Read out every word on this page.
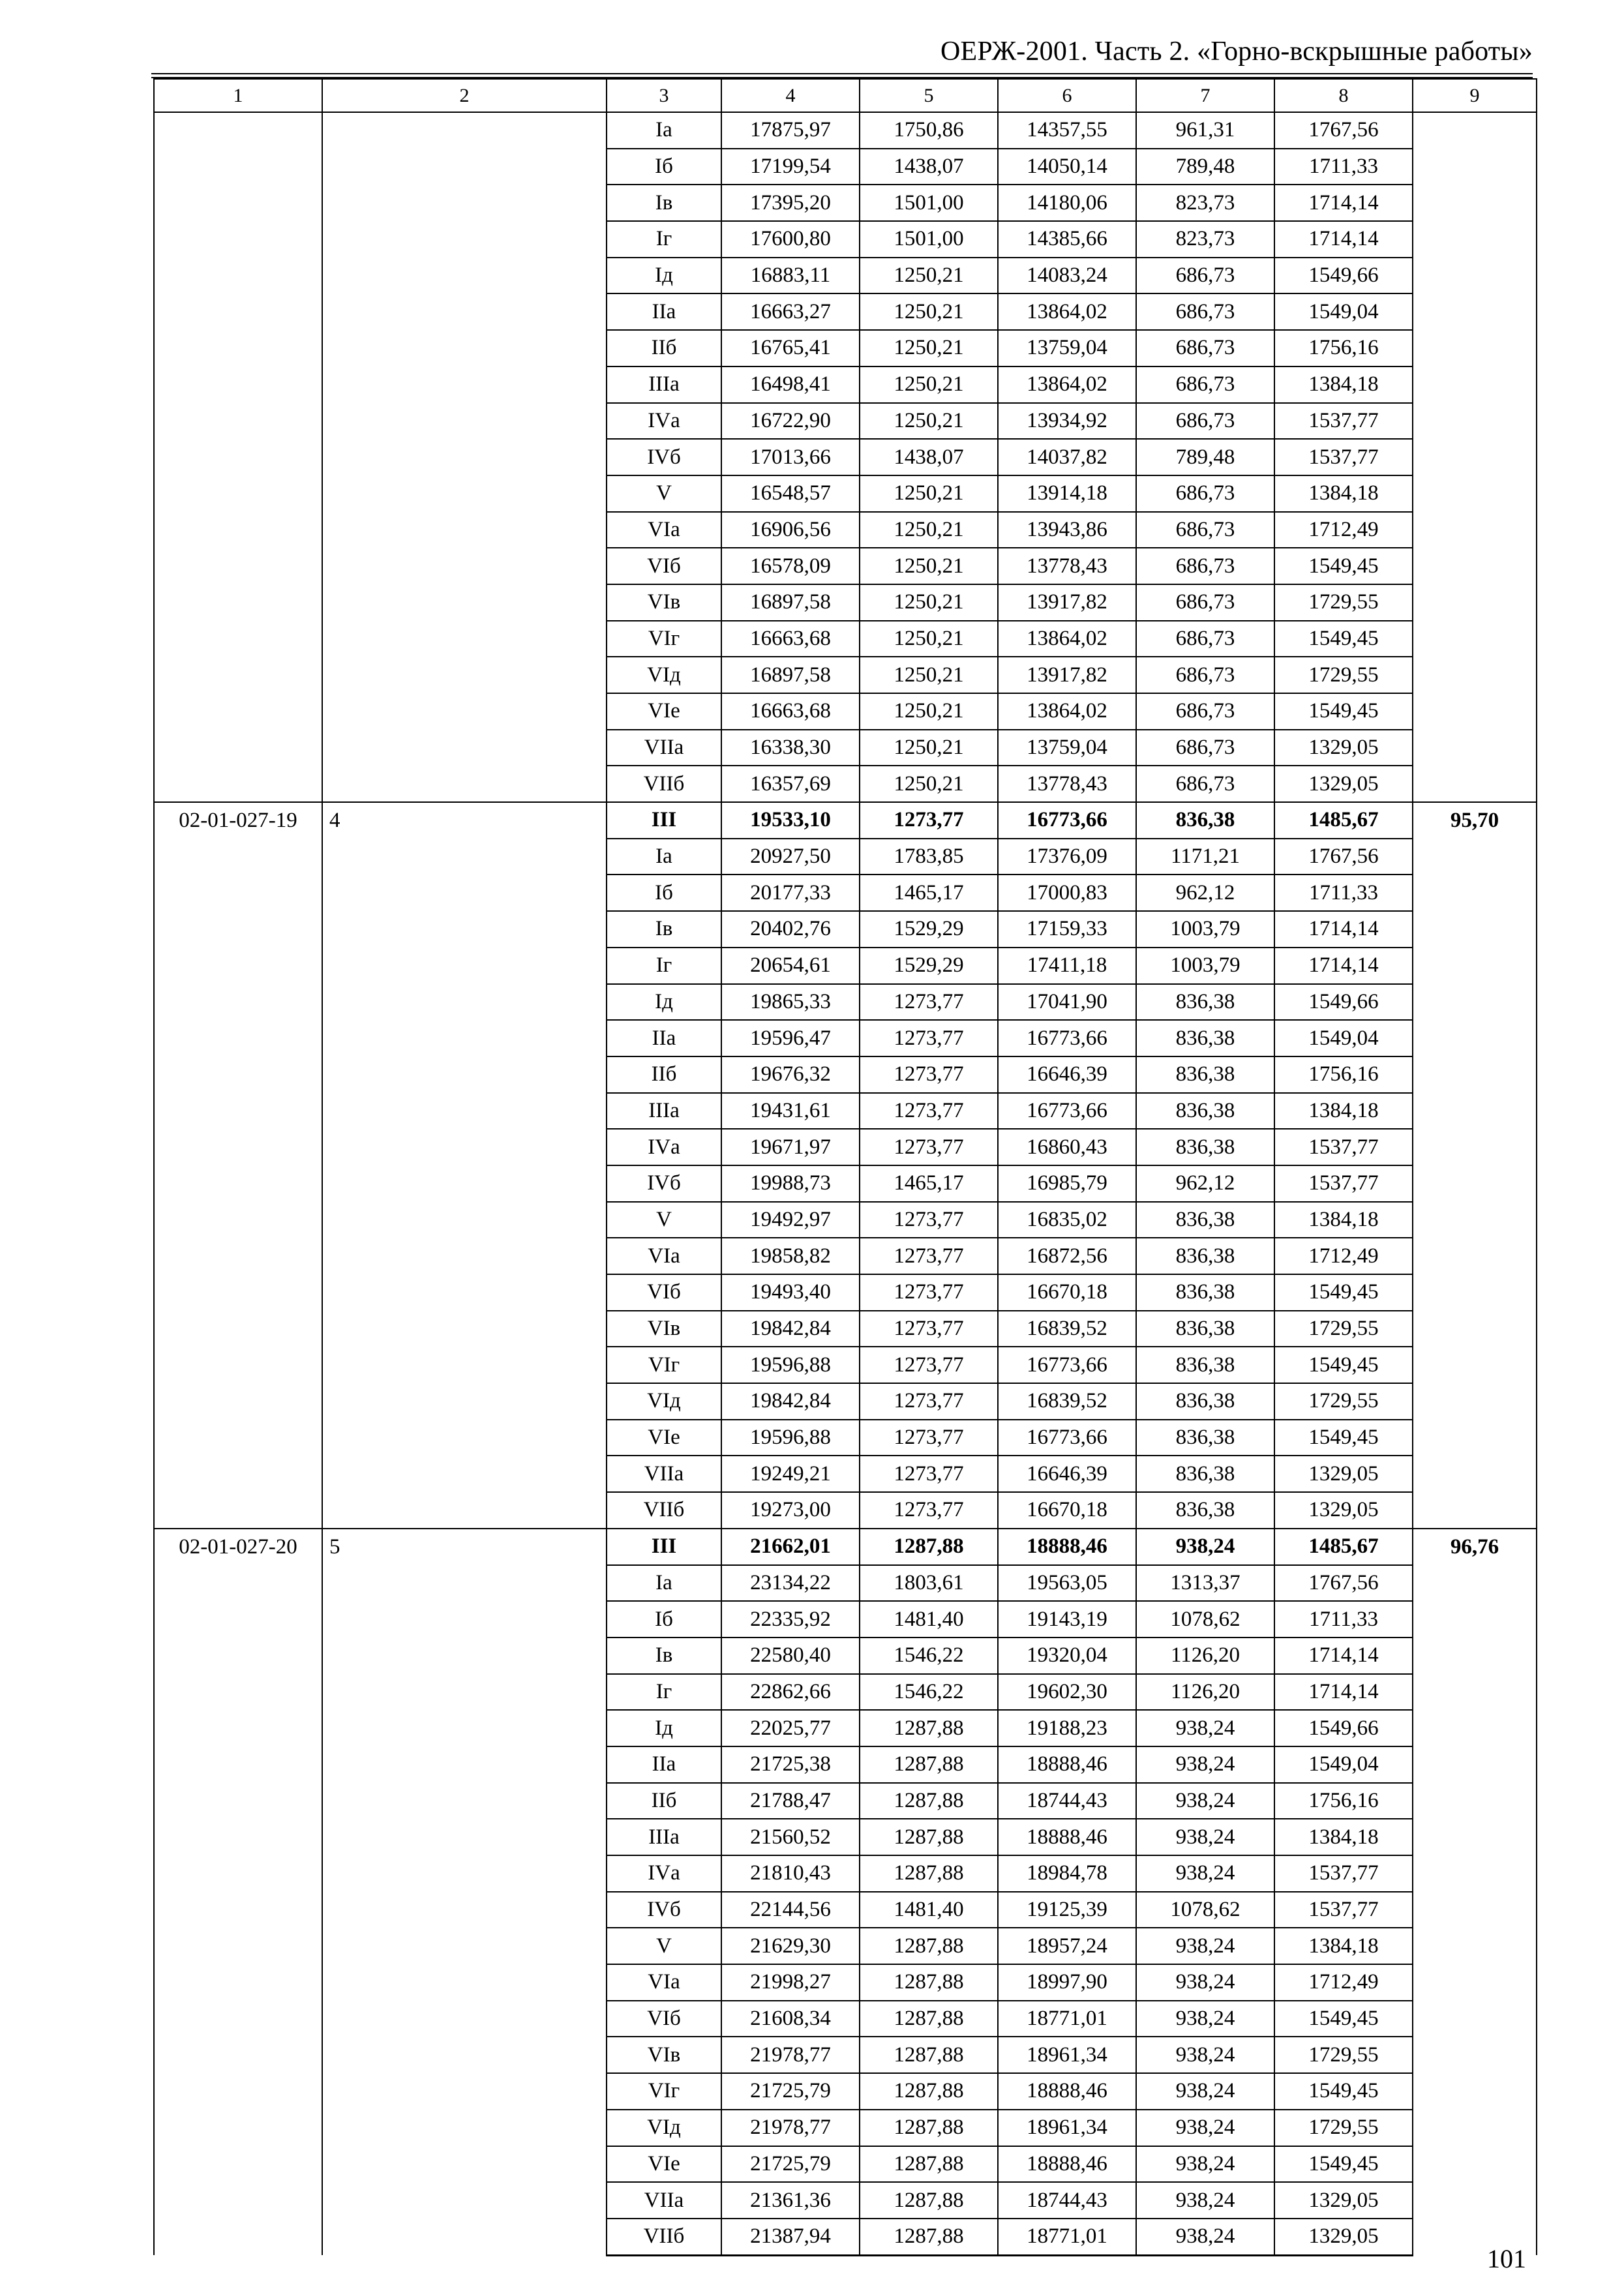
ОЕРЖ-2001. Часть 2. «Горно-вскрышные работы»
1	2	3	4	5	6	7	8	9
		Iа	17875,97	1750,86	14357,55	961,31	1767,56	
		Iб	17199,54	1438,07	14050,14	789,48	1711,33	
		Iв	17395,20	1501,00	14180,06	823,73	1714,14	
		Iг	17600,80	1501,00	14385,66	823,73	1714,14	
		Iд	16883,11	1250,21	14083,24	686,73	1549,66	
		IIа	16663,27	1250,21	13864,02	686,73	1549,04	
		IIб	16765,41	1250,21	13759,04	686,73	1756,16	
		IIIа	16498,41	1250,21	13864,02	686,73	1384,18	
		IVа	16722,90	1250,21	13934,92	686,73	1537,77	
		IVб	17013,66	1438,07	14037,82	789,48	1537,77	
		V	16548,57	1250,21	13914,18	686,73	1384,18	
		VIа	16906,56	1250,21	13943,86	686,73	1712,49	
		VIб	16578,09	1250,21	13778,43	686,73	1549,45	
		VIв	16897,58	1250,21	13917,82	686,73	1729,55	
		VIг	16663,68	1250,21	13864,02	686,73	1549,45	
		VIд	16897,58	1250,21	13917,82	686,73	1729,55	
		VIе	16663,68	1250,21	13864,02	686,73	1549,45	
		VIIа	16338,30	1250,21	13759,04	686,73	1329,05	
		VIIб	16357,69	1250,21	13778,43	686,73	1329,05	
02-01-027-19	4	III	19533,10	1273,77	16773,66	836,38	1485,67	95,70
		Iа	20927,50	1783,85	17376,09	1171,21	1767,56	
		Iб	20177,33	1465,17	17000,83	962,12	1711,33	
		Iв	20402,76	1529,29	17159,33	1003,79	1714,14	
		Iг	20654,61	1529,29	17411,18	1003,79	1714,14	
		Iд	19865,33	1273,77	17041,90	836,38	1549,66	
		IIа	19596,47	1273,77	16773,66	836,38	1549,04	
		IIб	19676,32	1273,77	16646,39	836,38	1756,16	
		IIIа	19431,61	1273,77	16773,66	836,38	1384,18	
		IVа	19671,97	1273,77	16860,43	836,38	1537,77	
		IVб	19988,73	1465,17	16985,79	962,12	1537,77	
		V	19492,97	1273,77	16835,02	836,38	1384,18	
		VIа	19858,82	1273,77	16872,56	836,38	1712,49	
		VIб	19493,40	1273,77	16670,18	836,38	1549,45	
		VIв	19842,84	1273,77	16839,52	836,38	1729,55	
		VIг	19596,88	1273,77	16773,66	836,38	1549,45	
		VIд	19842,84	1273,77	16839,52	836,38	1729,55	
		VIе	19596,88	1273,77	16773,66	836,38	1549,45	
		VIIа	19249,21	1273,77	16646,39	836,38	1329,05	
		VIIб	19273,00	1273,77	16670,18	836,38	1329,05	
02-01-027-20	5	III	21662,01	1287,88	18888,46	938,24	1485,67	96,76
		Iа	23134,22	1803,61	19563,05	1313,37	1767,56	
		Iб	22335,92	1481,40	19143,19	1078,62	1711,33	
		Iв	22580,40	1546,22	19320,04	1126,20	1714,14	
		Iг	22862,66	1546,22	19602,30	1126,20	1714,14	
		Iд	22025,77	1287,88	19188,23	938,24	1549,66	
		IIа	21725,38	1287,88	18888,46	938,24	1549,04	
		IIб	21788,47	1287,88	18744,43	938,24	1756,16	
		IIIа	21560,52	1287,88	18888,46	938,24	1384,18	
		IVа	21810,43	1287,88	18984,78	938,24	1537,77	
		IVб	22144,56	1481,40	19125,39	1078,62	1537,77	
		V	21629,30	1287,88	18957,24	938,24	1384,18	
		VIа	21998,27	1287,88	18997,90	938,24	1712,49	
		VIб	21608,34	1287,88	18771,01	938,24	1549,45	
		VIв	21978,77	1287,88	18961,34	938,24	1729,55	
		VIг	21725,79	1287,88	18888,46	938,24	1549,45	
		VIд	21978,77	1287,88	18961,34	938,24	1729,55	
		VIе	21725,79	1287,88	18888,46	938,24	1549,45	
		VIIа	21361,36	1287,88	18744,43	938,24	1329,05	
		VIIб	21387,94	1287,88	18771,01	938,24	1329,05	
101
